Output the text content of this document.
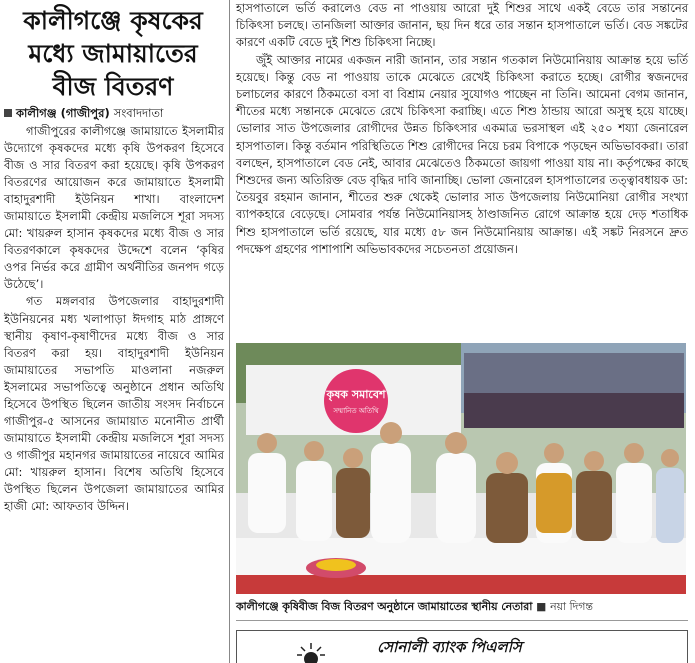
কালীগঞ্জে কৃষকের
মধ্যে জামায়াতের
বীজ বিতরণ
কালীগঞ্জ (গাজীপুর) সংবাদদাতা

গাজীপুরের কালীগঞ্জে জামায়াতে ইসলামীর উদ্যোগে কৃষকদের মধ্যে কৃষি উপকরণ হিসেবে বীজ ও সার বিতরণ করা হয়েছে। কৃষি উপকরণ বিতরণের আয়োজন করে জামায়াতে ইসলামী বাহাদুরশাদী ইউনিয়ন শাখা। বাংলাদেশ জামায়াতে ইসলামী কেন্দ্রীয় মজলিসে শূরা সদস্য মো: খায়রুল হাসান কৃষকদের মধ্যে বীজ ও সার বিতরণকালে কৃষকদের উদ্দেশে বলেন ‘কৃষির ওপর নির্ভর করে গ্রামীণ অর্থনীতির জনপদ গড়ে উঠেছে’।

গত মঙ্গলবার উপজেলার বাহাদুরশাদী ইউনিয়নের মধ্য খলাপাড়া ঈদগাহ মাঠ প্রাঙ্গণে স্থানীয় কৃষাণ-কৃষাণীদের মধ্যে বীজ ও সার বিতরণ করা হয়। বাহাদুরশাদী ইউনিয়ন জামায়াতের সভাপতি মাওলানা নজরুল ইসলামের সভাপতিত্বে অনুষ্ঠানে প্রধান অতিথি হিসেবে উপস্থিত ছিলেন জাতীয় সংসদ নির্বাচনে গাজীপুর-৫ আসনের জামায়াত মনোনীত প্রার্থী জামায়াতে ইসলামী কেন্দ্রীয় মজলিসে শূরা সদস্য ও গাজীপুর মহানগর জামায়াতের নায়েবে আমির মো: খায়রুল হাসান। বিশেষ অতিথি হিসেবে উপস্থিত ছিলেন উপজেলা জামায়াতের আমির হাজী মো: আফতাব উদ্দিন।

হাসপাতালে ভর্তি করালেও বেড না পাওয়ায় আরো দুই শিশুর সাথে একই বেডে তার সন্তানের চিকিৎসা চলছে। তানজিলা আক্তার জানান, ছয় দিন ধরে তার সন্তান হাসপাতালে ভর্তি। বেড সঙ্কটের কারণে একটি বেডে দুই শিশু চিকিৎসা নিচ্ছে।

জুঁই আক্তার নামের একজন নারী জানান, তার সন্তান গতকাল নিউমোনিয়ায় আক্রান্ত হয়ে ভর্তি হয়েছে। কিন্তু বেড না পাওয়ায় তাকে মেঝেতে রেখেই চিকিৎসা করাতে হচ্ছে। রোগীর স্বজনদের চলাচলের কারণে ঠিকমতো বসা বা বিশ্রাম নেয়ার সুযোগও পাচ্ছেন না তিনি। আমেনা বেগম জানান, শীতের মধ্যে সন্তানকে মেঝেতে রেখে চিকিৎসা করাচ্ছি। এতে শিশু ঠান্ডায় আরো অসুস্থ হয়ে যাচ্ছে। ভোলার সাত উপজেলার রোগীদের উন্নত চিকিৎসার একমাত্র ভরসাস্থল এই ২৫০ শয্যা জেনারেল হাসপাতাল। কিন্তু বর্তমান পরিস্থিতিতে শিশু রোগীদের নিয়ে চরম বিপাকে পড়ছেন অভিভাবকরা। তারা বলছেন, হাসপাতালে বেড নেই, আবার মেঝেতেও ঠিকমতো জায়গা পাওয়া যায় না। কর্তৃপক্ষের কাছে শিশুদের জন্য অতিরিক্ত বেড বৃদ্ধির দাবি জানাচ্ছি। ভোলা জেনারেল হাসপাতালের তত্ত্বাবধায়ক ডা: তৈয়বুর রহমান জানান, শীতের শুরু থেকেই ভোলার সাত উপজেলায় নিউমোনিয়া রোগীর সংখ্যা ব্যাপকহারে বেড়েছে। সোমবার পর্যন্ত নিউমোনিয়াসহ ঠাণ্ডাজনিত রোগে আক্রান্ত হয়ে দেড় শতাধিক শিশু হাসপাতালে ভর্তি রয়েছে, যার মধ্যে ৫৮ জন নিউমোনিয়ায় আক্রান্ত। এই সঙ্কট নিরসনে দ্রুত পদক্ষেপ গ্রহণের পাশাপাশি অভিভাবকদের সচেতনতা প্রয়োজন।

কৃষক সমাবেশ
সম্মানিত অতিথি
কালীগঞ্জে কৃষিবীজ বিজ বিতরণ অনুষ্ঠানে জামায়াতের স্থানীয় নেতারা ■ নয়া দিগন্ত
সোনালী ব্যাংক পিএলসি
